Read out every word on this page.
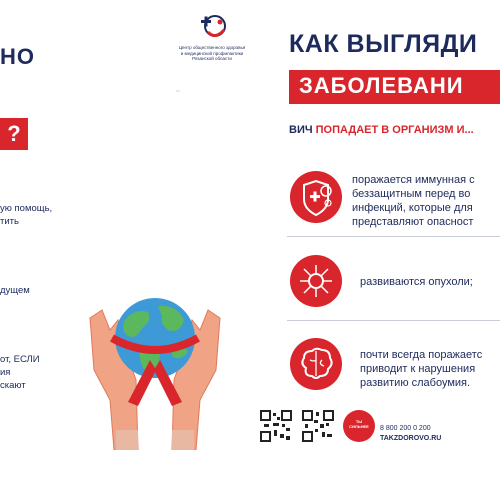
НО
?
ую помощь,
тить
дущем
от, ЕСЛИ
ия
скают
Центр общественного здоровья
и медицинской профилактики
Рязанской области
▭
КАК ВЫГЛЯДИ
ЗАБОЛЕВАНИ
ВИЧ ПОПАДАЕТ В ОРГАНИЗМ И...
поражается иммунная с
беззащитным перед во
инфекций, которые для
представляют опасност
развиваются опухоли;
почти всегда поражаетс
приводит к нарушения
развитию слабоумия.
ТЫ
СИЛЬНЕЕ	8 800 200 0 200
TAKZDOROVO.RU
